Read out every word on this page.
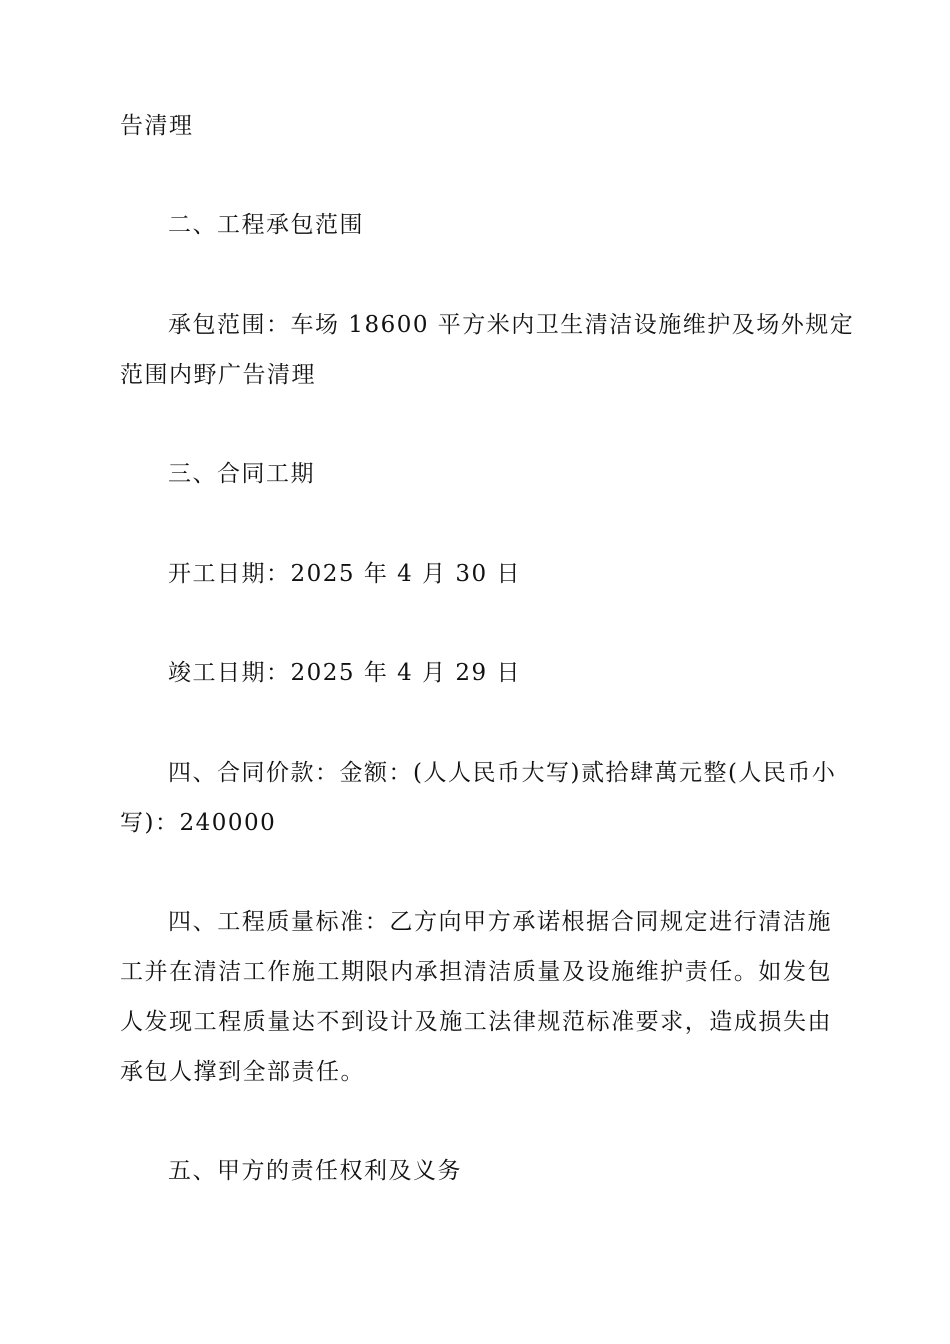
告清理
二、工程承包范围
承包范围：车场 18600 平方米内卫生清洁设施维护及场外规定
范围内野广告清理
三、合同工期
开工日期：2025 年 4 月 30 日
竣工日期：2025 年 4 月 29 日
四、合同价款：金额：(人人民币大写)贰拾肆萬元整(人民币小
写)：240000
四、工程质量标准：乙方向甲方承诺根据合同规定进行清洁施
工并在清洁工作施工期限内承担清洁质量及设施维护责任。如发包
人发现工程质量达不到设计及施工法律规范标准要求，造成损失由
承包人撑到全部责任。
五、甲方的责任权利及义务
